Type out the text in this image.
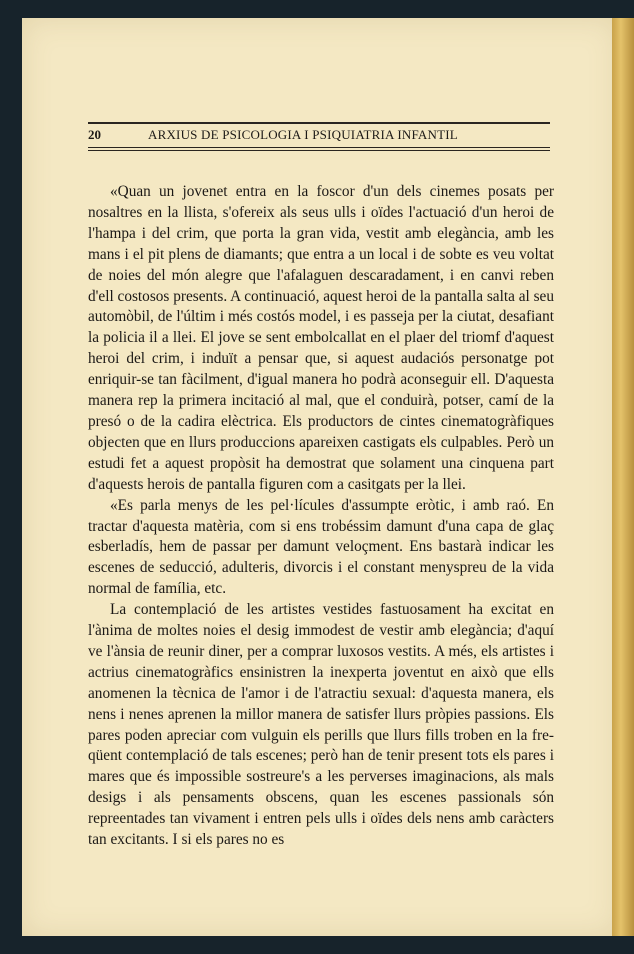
20	ARXIUS DE PSICOLOGIA I PSIQUIATRIA INFANTIL

«Quan un jovenet entra en la foscor d'un dels cinemes posats per nosaltres en la llista, s'ofereix als seus ulls i oïdes l'actuació d'un heroi de l'hampa i del crim, que porta la gran vida, vestit amb elegància, amb les mans i el pit plens de diamants; que entra a un local i de sobte es veu voltat de noies del món alegre que l'afalaguen descaradament, i en canvi reben d'ell costosos presents. A continuació, aquest heroi de la pantalla salta al seu automòbil, de l'últim i més costós model, i es passeja per la ciutat, desafiant la policia il a llei. El jove se sent embolcallat en el plaer del triomf d'aquest heroi del crim, i induït a pensar que, si aquest audaciós personatge pot enriquir-se tan fàcilment, d'igual manera ho podrà aconseguir ell. D'aquesta manera rep la primera incitació al mal, que el conduirà, potser, camí de la presó o de la cadira elèctrica. Els productors de cintes cinematogràfiques objecten que en llurs produccions apareixen castigats els culpables. Però un estudi fet a aquest propòsit ha demostrat que solament una cinquena part d'aquests herois de pantalla figuren com a casitgats per la llei.

«Es parla menys de les pel·lícules d'assumpte eròtic, i amb raó. En tractar d'aquesta matèria, com si ens trobéssim damunt d'una capa de glaç esberladís, hem de passar per damunt veloçment. Ens bastarà indicar les escenes de seducció, adulteris, divorcis i el constant menyspreu de la vida normal de família, etc.

La contemplació de les artistes vestides fastuosament ha excitat en l'ànima de moltes noies el desig immodest de vestir amb elegància; d'aquí ve l'ànsia de reunir diner, per a comprar luxosos vestits. A més, els artistes i actrius cinematogràfics ensinistren la inexperta joventut en això que ells anomenen la tècnica de l'amor i de l'atractiu sexual: d'aquesta manera, els nens i nenes aprenen la millor manera de satisfer llurs pròpies passions. Els pares poden apreciar com vulguin els perills que llurs fills troben en la freqüent contemplació de tals escenes; però han de tenir present tots els pares i mares que és impossible sostreure's a les perverses imaginacions, als mals desigs i als pensaments obscens, quan les escenes passionals són repreentades tan vivament i entren pels ulls i oïdes dels nens amb caràcters tan excitants. I si els pares no es
